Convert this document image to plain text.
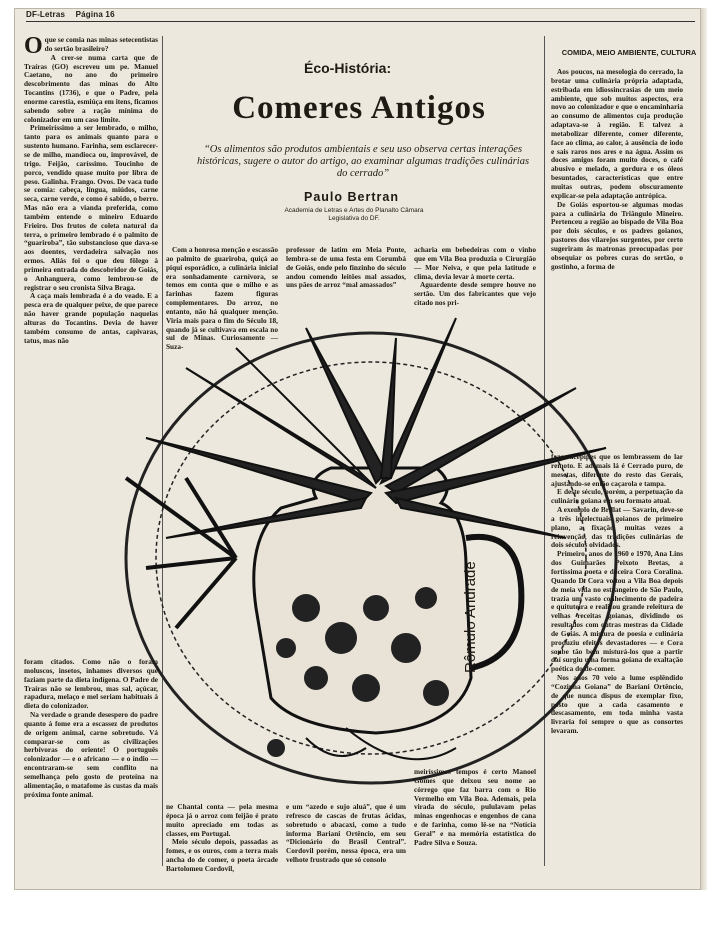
DF-Letras Página 16

Oque se comia nas minas setecentistas do sertão brasileiro?

A crer-se numa carta que de Traíras (GO) escreveu um pe. Manuel Caetano, no ano do primeiro descobrimento das minas do Alto Tocantins (1736), e que o Padre, pela enorme carestia, esmiúça em itens, ficamos sabendo sobre a ração mínima do colonizador em um caso limite.

Primeiríssimo a ser lembrado, o milho, tanto para os animais quanto para o sustento humano. Farinha, sem esclarecer-se de milho, mandioca ou, improvável, de trigo. Feijão, caríssimo. Toucinho de porco, vendido quase muito por libra de peso. Galinha. Frango. Ovos. De vaca tudo se comia: cabeça, língua, miúdos, carne seca, carne verde, e como é sabido, o berro. Mas não era a vianda preferida, como também entende o mineiro Eduardo Frieiro. Dos frutos de coleta natural da terra, o primeiro lembrado é o palmito de “guariroba”, tão substancioso que dava-se aos doentes, verdadeira salvação nos ermos. Aliás foi o que deu fôlego à primeira entrada do descobridor de Goiás, o Anhanguera, como lembrou-se de registrar o seu cronista Silva Braga.

A caça mais lembrada é a do veado. E a pesca era de qualquer peixe, de que parece não haver grande população naquelas alturas do Tocantins. Devia de haver também consumo de antas, capivaras, tatus, mas não

Éco-História:
Comeres Antigos
“Os alimentos são produtos ambientais e seu uso observa certas interações históricas, sugere o autor do artigo, ao examinar algumas tradições culinárias do cerrado”
Paulo Bertran
Academia de Letras e Artes do Planalto Câmara Legislativa do DF.
COMIDA, MEIO AMBIENTE, CULTURA

Aos poucos, na mesologia do cerrado, la brotar uma culinária própria adaptada, estribada em idiossincrasias de um meio ambiente, que sob muitos aspectos, era novo ao colonizador e que o encaminharia ao consumo de alimentos cuja produção adaptava-se à região. E talvez a metabolizar diferente, comer diferente, face ao clima, ao calor, à ausência de iodo e sais raros nos ares e na água. Assim os doces amigos foram muito doces, o café abusivo e melado, a gordura e os óleos besuntados, características que entre muitas outras, podem obscuramente explicar-se pela adaptação antrópica.

De Goiás esportou-se algumas modas para a culinária do Triângulo Mineiro. Pertenceu a região ao bispado de Vila Boa por dois séculos, e os padres goianos, pastores dos vilarejos surgentes, por certo sugeriram às matronas preocupadas por obsequiar os pobres curas do sertão, o gostinho, a forma de

Com a honrosa menção e escassão ao palmito de guariroba, quiçá ao piqui esporádico, a culinária inicial era sonhadamente carnívora, se temos em conta que o milho e as farinhas fazem figuras complementares. Do arroz, no entanto, não há qualquer menção. Viria mais para o fim do Século 18, quando já se cultivava em escala no sul de Minas. Curiosamente — Suza-

professor de latim em Meia Ponte, lembra-se de uma festa em Corumbá de Goiás, onde pelo finzinho do século andou comendo leitões mal assados, uns pães de arroz “mal amassados”

acharia em bebedeiras com o vinho que em Vila Boa produzia o Cirurgião— Mor Neiva, e que pela latitude e clima, devia levar à morte certa.

Aguardente desde sempre houve no sertão. Um dos fabricantes que vejo citado nos pri-

Rômulo Andrade

fazer acepipes que os lembrassem do lar remoto. E ademais lá é Cerrado puro, de mesetas, diferente do resto das Gerais, ajustando-se então caçarola e tampa.

E deste século, porém, a perpetuação da culinária goiana em seu formato atual.

A exemplo de Brillat — Savarin, deve-se a três intelectuais goianos de primeiro plano, a fixação, muitas vezes a reinvenção, das tradições culinárias de dois séculos olvidados.

Primeiro, anos de 1960 e 1970, Ana Lins dos Guimarães Peixoto Bretas, a fortíssima poeta e doceira Cora Coralina. Quando D. Cora voltou a Vila Boa depois de meia vida no estrangeiro de São Paulo, trazia um vasto conhecimento de padeira e quituteira e realizou grande releitura de velhas receitas goianas, dividindo os resultados com outras mestras da Cidade de Goiás. A mistura de poesia e culinária produziu efeitos devastadores — e Cora soube tão bem misturá-los que a partir daí surgiu uma forma goiana de exaltação poética do de-comer.

Nos anos 70 veio a lume esplêndido “Cozinha Goiana” de Bariani Ortêncio, de que nunca dispus de exemplar fixo, posto que a cada casamento e descasamento, em toda minha vasta livraria foi sempre o que as consortes levaram.

foram citados. Como não o foram moluscos, insetos, inhames diversos que faziam parte da dieta indígena. O Padre de Traíras não se lembrou, mas sal, açúcar, rapadura, melaço e mel seriam habituais à dieta do colonizador.

Na verdade o grande desespero do padre quanto à fome era a escassez de produtos de origem animal, carne sobretudo. Vá comparar-se com as civilizações herbívoras do oriente! O português colonizador — e o africano — e o índio — encontraram-se sem conflito na semelhança pelo gosto de proteína na alimentação, o matafome às custas da mais próxima fonte animal.

ne Chantal conta — pela mesma época já o arroz com feijão é prato muito apreciado em todas as classes, em Portugal.

Meio século depois, passadas as fomes, e os ouros, com a terra mais ancha do de comer, o poeta árcade Bartolomeu Cordovil,

e um “azedo e sujo aluá”, que é um refresco de cascas de frutas ácidas, sobretudo o abacaxi, como a tudo informa Bariani Ortêncio, em seu “Dicionário do Brasil Central”. Cordovil porém, nessa época, era um velhote frustrado que só consolo

meiríssimos tempos é certo Manoel Gomes que deixou seu nome ao córrego que faz barra com o Rio Vermelho em Vila Boa. Ademais, pela virada do século, pululavam pelas minas engenhocas e engenhos de cana e de farinha, como lê-se na “Notícia Geral” e na memória estatística do Padre Silva e Souza.
